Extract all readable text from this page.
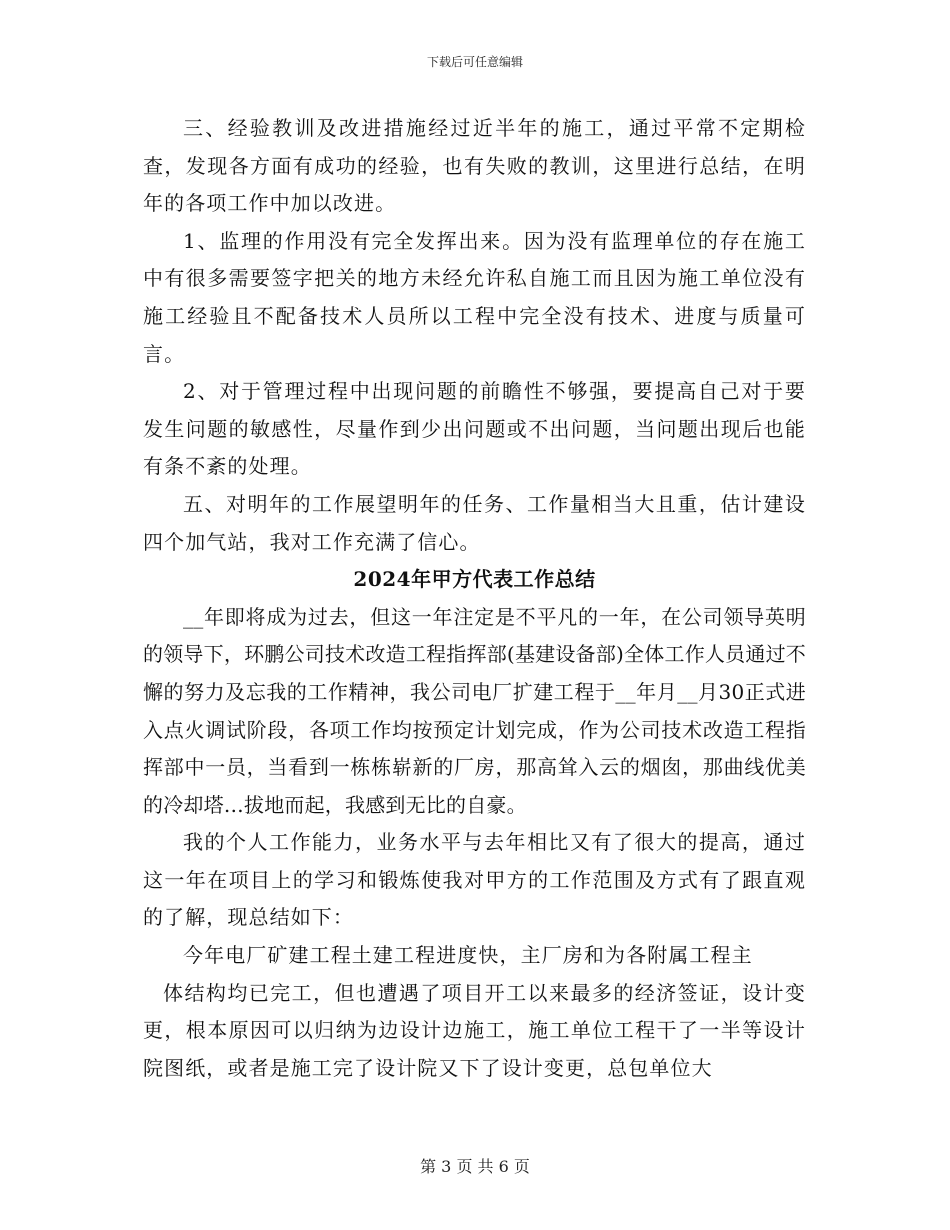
下载后可任意编辑

三、经验教训及改进措施经过近半年的施工，通过平常不定期检查，发现各方面有成功的经验，也有失败的教训，这里进行总结，在明年的各项工作中加以改进。

1、监理的作用没有完全发挥出来。因为没有监理单位的存在施工中有很多需要签字把关的地方未经允许私自施工而且因为施工单位没有施工经验且不配备技术人员所以工程中完全没有技术、进度与质量可言。

2、对于管理过程中出现问题的前瞻性不够强，要提高自己对于要发生问题的敏感性，尽量作到少出问题或不出问题，当问题出现后也能有条不紊的处理。

五、对明年的工作展望明年的任务、工作量相当大且重，估计建设四个加气站，我对工作充满了信心。

2024年甲方代表工作总结

__年即将成为过去，但这一年注定是不平凡的一年，在公司领导英明的领导下，环鹏公司技术改造工程指挥部(基建设备部)全体工作人员通过不懈的努力及忘我的工作精神，我公司电厂扩建工程于__年月__月30正式进入点火调试阶段，各项工作均按预定计划完成，作为公司技术改造工程指挥部中一员，当看到一栋栋崭新的厂房，那高耸入云的烟囱，那曲线优美的冷却塔…拔地而起，我感到无比的自豪。

我的个人工作能力，业务水平与去年相比又有了很大的提高，通过这一年在项目上的学习和锻炼使我对甲方的工作范围及方式有了跟直观的了解，现总结如下：

今年电厂矿建工程土建工程进度快，主厂房和为各附属工程主

体结构均已完工，但也遭遇了项目开工以来最多的经济签证，设计变更，根本原因可以归纳为边设计边施工，施工单位工程干了一半等设计院图纸，或者是施工完了设计院又下了设计变更，总包单位大

第 3 页 共 6 页
